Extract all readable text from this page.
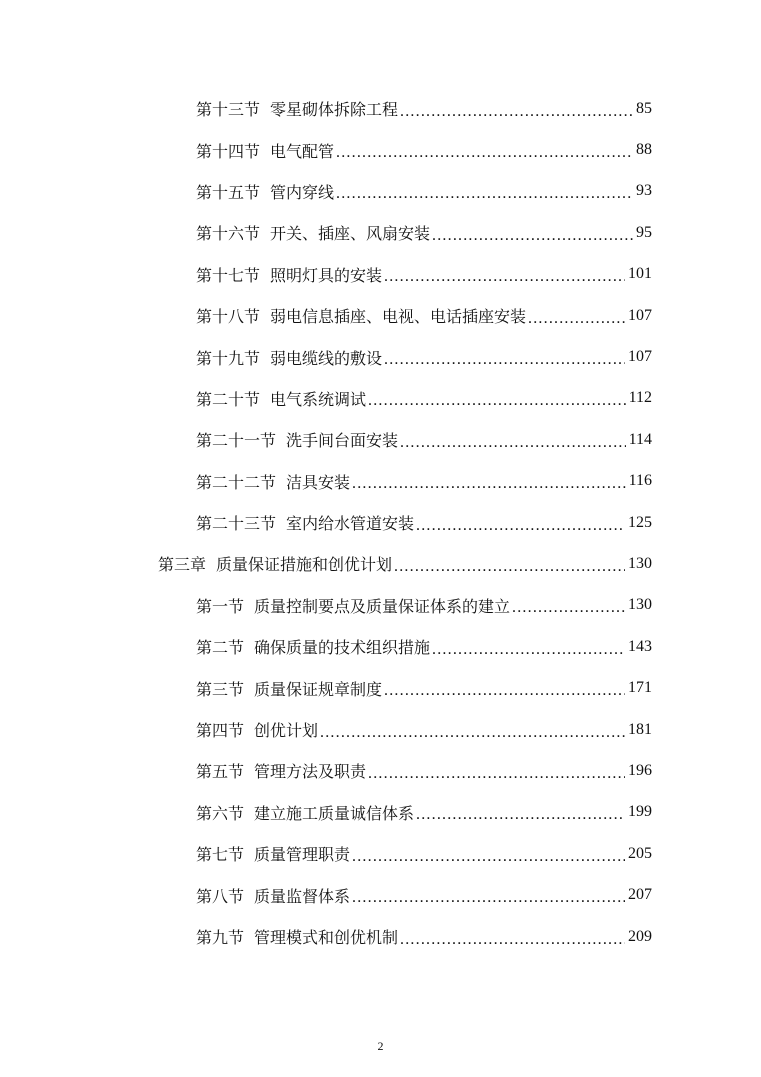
第十三节 零星砌体拆除工程 .....	85
第十四节 电气配管 .....	88
第十五节 管内穿线 .....	93
第十六节 开关、插座、风扇安装 .....	95
第十七节 照明灯具的安装 .....	101
第十八节 弱电信息插座、电视、电话插座安装 .....	107
第十九节 弱电缆线的敷设 .....	107
第二十节 电气系统调试 .....	112
第二十一节 洗手间台面安装 .....	114
第二十二节 洁具安装 .....	116
第二十三节 室内给水管道安装 .....	125
第三章 质量保证措施和创优计划 .....	130
第一节 质量控制要点及质量保证体系的建立 .....	130
第二节 确保质量的技术组织措施 .....	143
第三节 质量保证规章制度 .....	171
第四节 创优计划 .....	181
第五节 管理方法及职责 .....	196
第六节 建立施工质量诚信体系 .....	199
第七节 质量管理职责 .....	205
第八节 质量监督体系 .....	207
第九节 管理模式和创优机制 .....	209
2
